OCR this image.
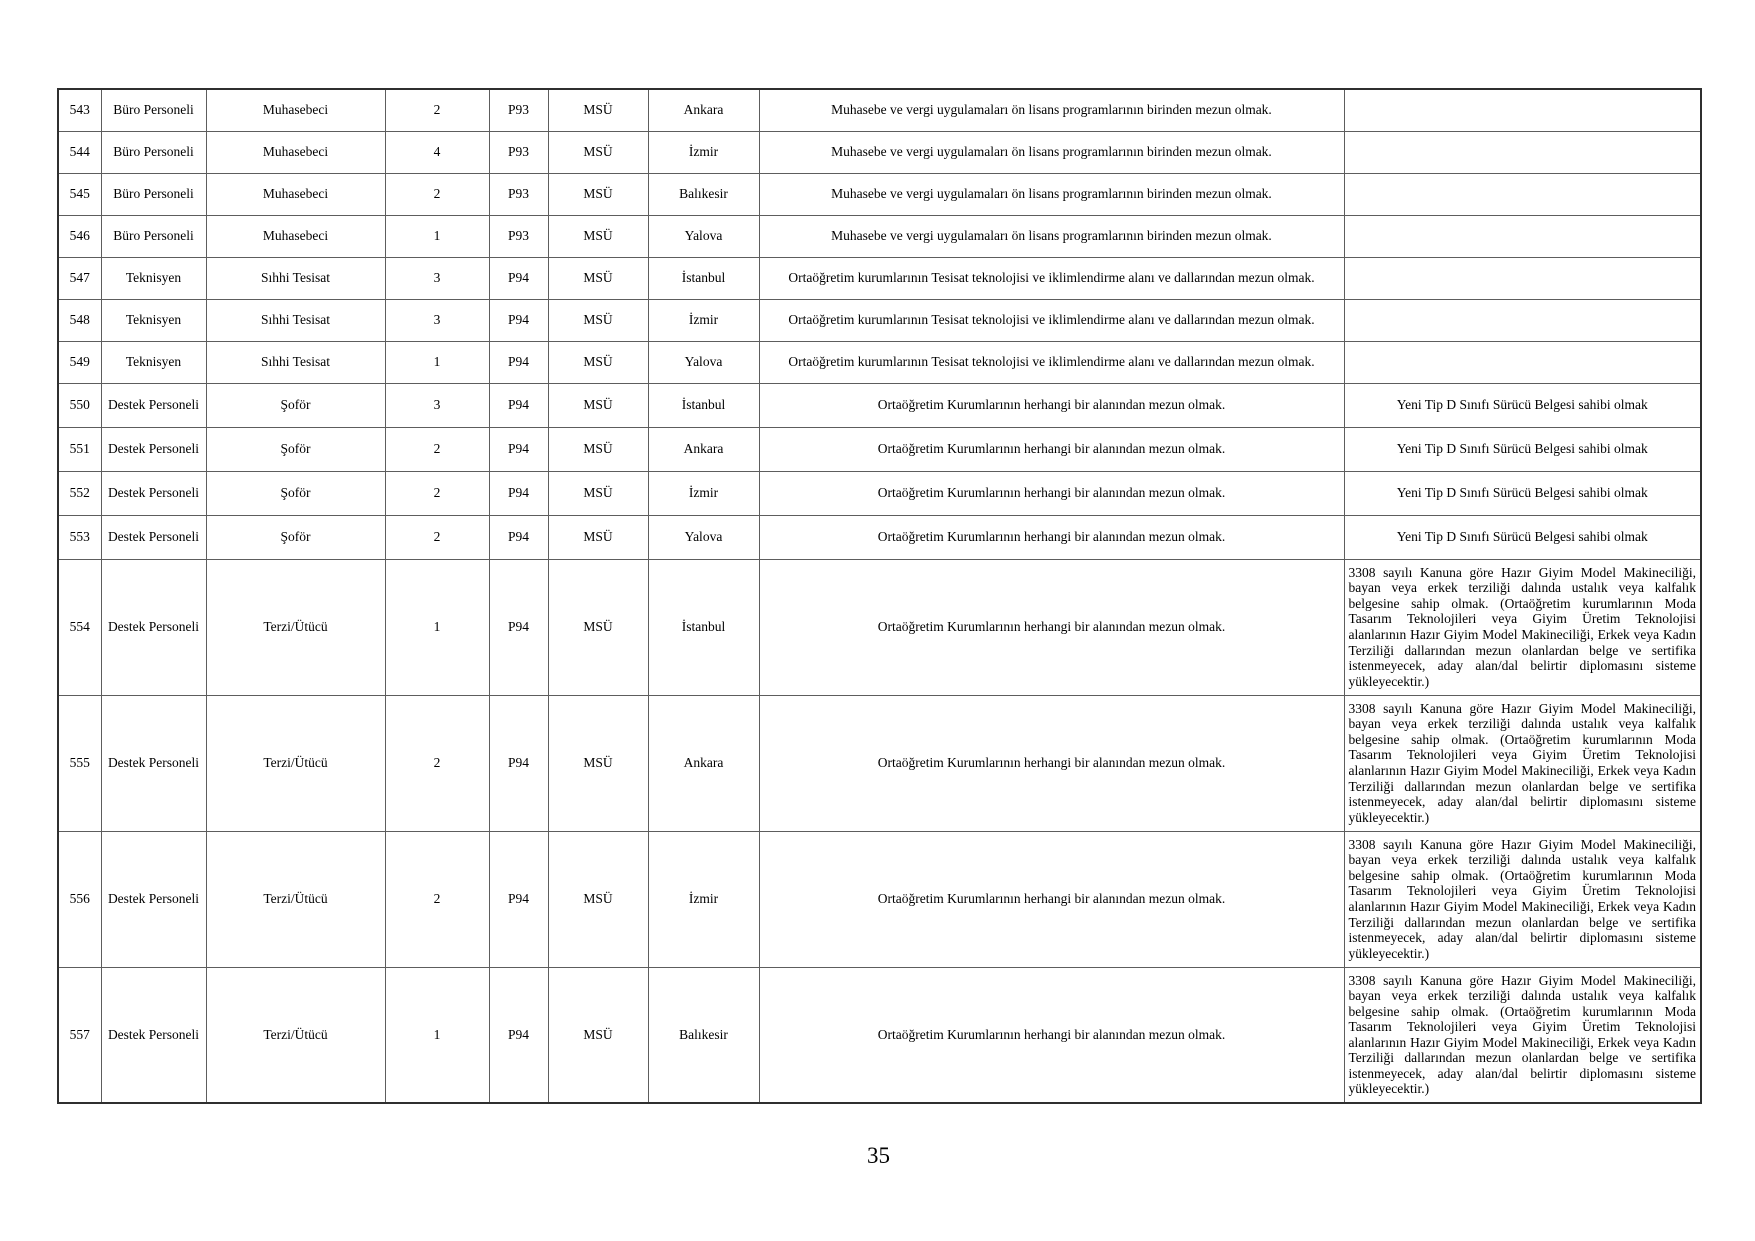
543	Büro Personeli	Muhasebeci	2	P93	MSÜ	Ankara	Muhasebe ve vergi uygulamaları ön lisans programlarının birinden mezun olmak.	
544	Büro Personeli	Muhasebeci	4	P93	MSÜ	İzmir	Muhasebe ve vergi uygulamaları ön lisans programlarının birinden mezun olmak.	
545	Büro Personeli	Muhasebeci	2	P93	MSÜ	Balıkesir	Muhasebe ve vergi uygulamaları ön lisans programlarının birinden mezun olmak.	
546	Büro Personeli	Muhasebeci	1	P93	MSÜ	Yalova	Muhasebe ve vergi uygulamaları ön lisans programlarının birinden mezun olmak.	
547	Teknisyen	Sıhhi Tesisat	3	P94	MSÜ	İstanbul	Ortaöğretim kurumlarının Tesisat teknolojisi ve iklimlendirme alanı ve dallarından mezun olmak.	
548	Teknisyen	Sıhhi Tesisat	3	P94	MSÜ	İzmir	Ortaöğretim kurumlarının Tesisat teknolojisi ve iklimlendirme alanı ve dallarından mezun olmak.	
549	Teknisyen	Sıhhi Tesisat	1	P94	MSÜ	Yalova	Ortaöğretim kurumlarının Tesisat teknolojisi ve iklimlendirme alanı ve dallarından mezun olmak.	
550	Destek Personeli	Şoför	3	P94	MSÜ	İstanbul	Ortaöğretim Kurumlarının herhangi bir alanından mezun olmak.	Yeni Tip D Sınıfı Sürücü Belgesi sahibi olmak
551	Destek Personeli	Şoför	2	P94	MSÜ	Ankara	Ortaöğretim Kurumlarının herhangi bir alanından mezun olmak.	Yeni Tip D Sınıfı Sürücü Belgesi sahibi olmak
552	Destek Personeli	Şoför	2	P94	MSÜ	İzmir	Ortaöğretim Kurumlarının herhangi bir alanından mezun olmak.	Yeni Tip D Sınıfı Sürücü Belgesi sahibi olmak
553	Destek Personeli	Şoför	2	P94	MSÜ	Yalova	Ortaöğretim Kurumlarının herhangi bir alanından mezun olmak.	Yeni Tip D Sınıfı Sürücü Belgesi sahibi olmak
554	Destek Personeli	Terzi/Ütücü	1	P94	MSÜ	İstanbul	Ortaöğretim Kurumlarının herhangi bir alanından mezun olmak.	3308 sayılı Kanuna göre Hazır Giyim Model Makineciliği, bayan veya erkek terziliği dalında ustalık veya kalfalık belgesine sahip olmak. (Ortaöğretim kurumlarının Moda Tasarım Teknolojileri veya Giyim Üretim Teknolojisi alanlarının Hazır Giyim Model Makineciliği, Erkek veya Kadın Terziliği dallarından mezun olanlardan belge ve sertifika istenmeyecek, aday alan/dal belirtir diplomasını sisteme yükleyecektir.)
555	Destek Personeli	Terzi/Ütücü	2	P94	MSÜ	Ankara	Ortaöğretim Kurumlarının herhangi bir alanından mezun olmak.	3308 sayılı Kanuna göre Hazır Giyim Model Makineciliği, bayan veya erkek terziliği dalında ustalık veya kalfalık belgesine sahip olmak. (Ortaöğretim kurumlarının Moda Tasarım Teknolojileri veya Giyim Üretim Teknolojisi alanlarının Hazır Giyim Model Makineciliği, Erkek veya Kadın Terziliği dallarından mezun olanlardan belge ve sertifika istenmeyecek, aday alan/dal belirtir diplomasını sisteme yükleyecektir.)
556	Destek Personeli	Terzi/Ütücü	2	P94	MSÜ	İzmir	Ortaöğretim Kurumlarının herhangi bir alanından mezun olmak.	3308 sayılı Kanuna göre Hazır Giyim Model Makineciliği, bayan veya erkek terziliği dalında ustalık veya kalfalık belgesine sahip olmak. (Ortaöğretim kurumlarının Moda Tasarım Teknolojileri veya Giyim Üretim Teknolojisi alanlarının Hazır Giyim Model Makineciliği, Erkek veya Kadın Terziliği dallarından mezun olanlardan belge ve sertifika istenmeyecek, aday alan/dal belirtir diplomasını sisteme yükleyecektir.)
557	Destek Personeli	Terzi/Ütücü	1	P94	MSÜ	Balıkesir	Ortaöğretim Kurumlarının herhangi bir alanından mezun olmak.	3308 sayılı Kanuna göre Hazır Giyim Model Makineciliği, bayan veya erkek terziliği dalında ustalık veya kalfalık belgesine sahip olmak. (Ortaöğretim kurumlarının Moda Tasarım Teknolojileri veya Giyim Üretim Teknolojisi alanlarının Hazır Giyim Model Makineciliği, Erkek veya Kadın Terziliği dallarından mezun olanlardan belge ve sertifika istenmeyecek, aday alan/dal belirtir diplomasını sisteme yükleyecektir.)
35
